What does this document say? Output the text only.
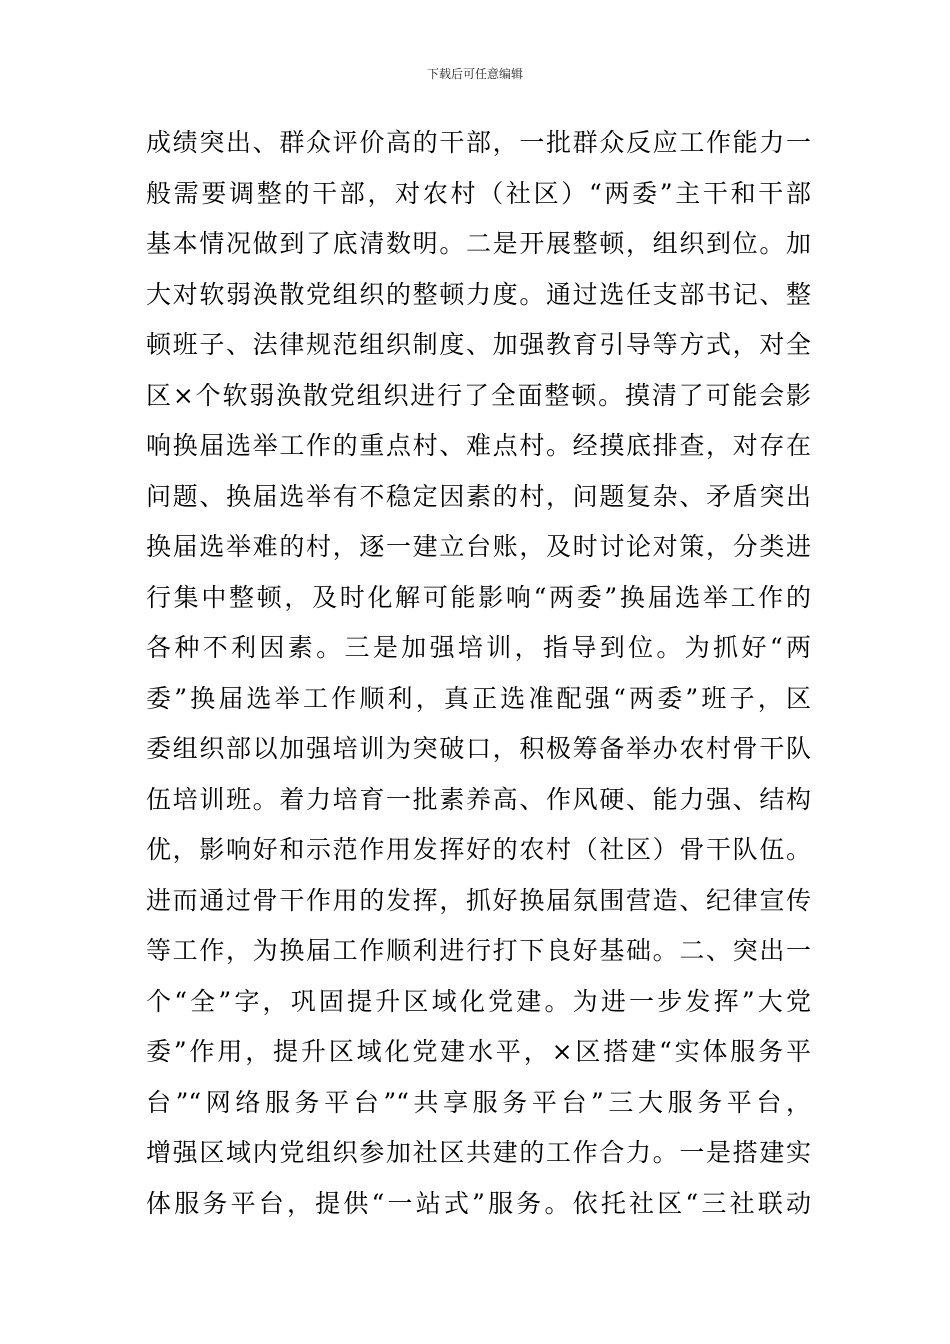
下载后可任意编辑
成绩突出、群众评价高的干部，一批群众反应工作能力一
般需要调整的干部，对农村（社区）“两委”主干和干部
基本情况做到了底清数明。二是开展整顿，组织到位。加
大对软弱涣散党组织的整顿力度。通过选任支部书记、整
顿班子、法律规范组织制度、加强教育引导等方式，对全
区×个软弱涣散党组织进行了全面整顿。摸清了可能会影
响换届选举工作的重点村、难点村。经摸底排查，对存在
问题、换届选举有不稳定因素的村，问题复杂、矛盾突出
换届选举难的村，逐一建立台账，及时讨论对策，分类进
行集中整顿，及时化解可能影响“两委”换届选举工作的
各种不利因素。三是加强培训，指导到位。为抓好“两
委”换届选举工作顺利，真正选准配强“两委”班子，区
委组织部以加强培训为突破口，积极筹备举办农村骨干队
伍培训班。着力培育一批素养高、作风硬、能力强、结构
优，影响好和示范作用发挥好的农村（社区）骨干队伍。
进而通过骨干作用的发挥，抓好换届氛围营造、纪律宣传
等工作，为换届工作顺利进行打下良好基础。二、突出一
个“全”字，巩固提升区域化党建。为进一步发挥”大党
委”作用，提升区域化党建水平，×区搭建“实体服务平
台”“网络服务平台”“共享服务平台”三大服务平台，
增强区域内党组织参加社区共建的工作合力。一是搭建实
体服务平台，提供“一站式”服务。依托社区“三社联动
